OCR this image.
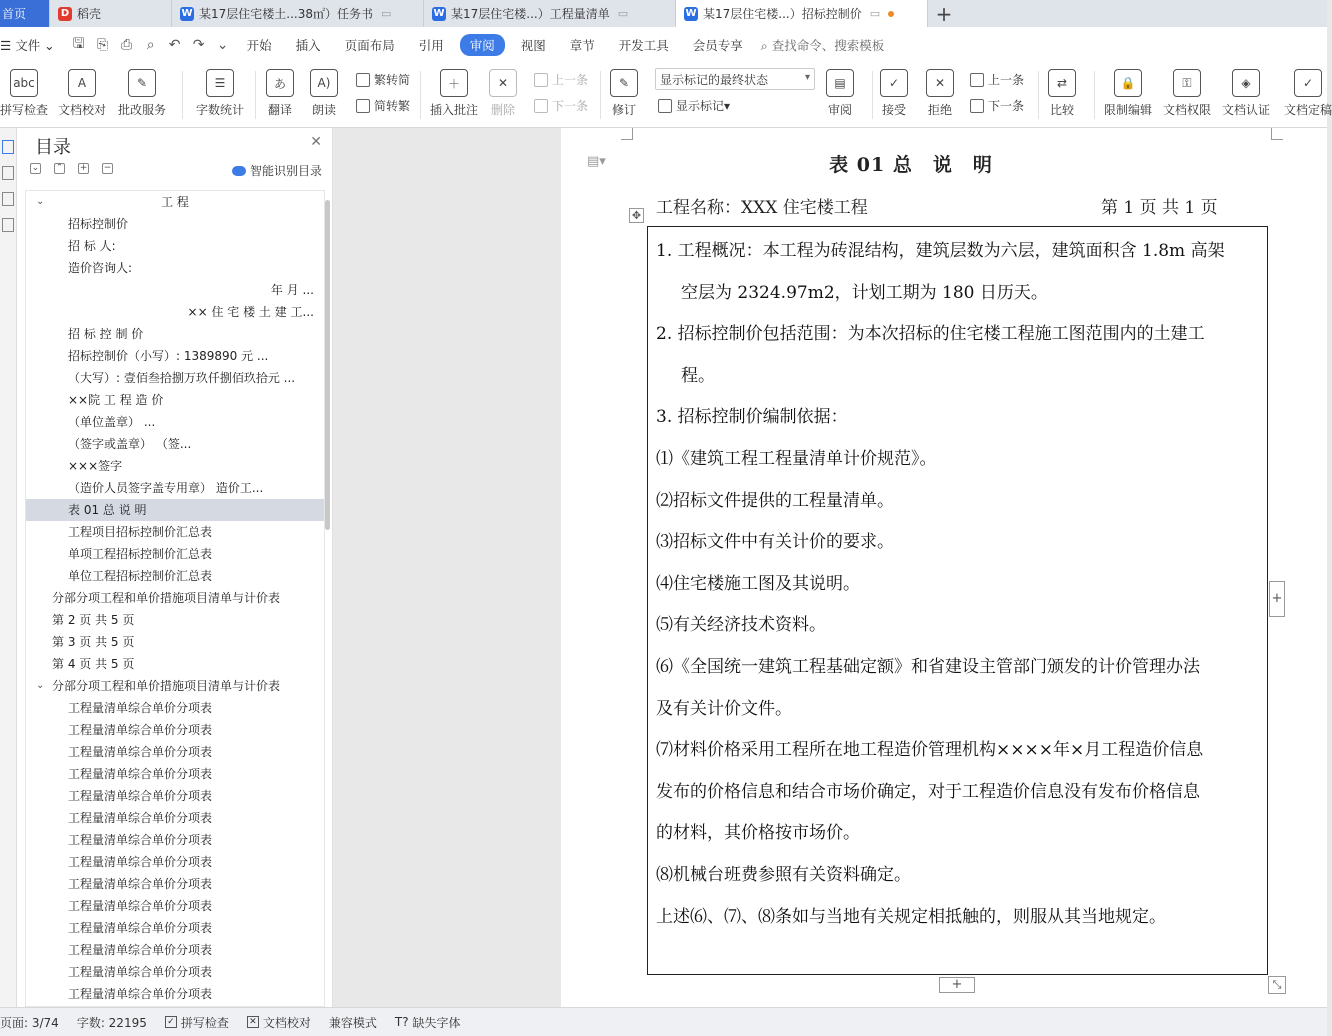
首页	D 稻壳	W 某17层住宅楼土...38㎡）任务书 ▭	W 某17层住宅楼...）工程量清单 ▭	W 某17层住宅楼...）招标控制价 ▭	+
☰ 文件 ⌄	🖫 ⎘ ⎙	⌕	↶ ↷ ⌄	开始	插入	页面布局	引用	审阅	视图	章节	开发工具	会员专享	⌕ 查找命令、搜索模板
abc
拼写检查
A
文档校对
✎
批改服务
☰
字数统计
あ
翻译
A)
朗读
繁转简
简转繁
＋
插入批注
✕
删除
上一条
下一条
✎
修订
显示标记的最终状态 ▾
显示标记 ▾
▤
审阅
✓
接受
✕
拒绝
上一条
下一条
⇄
比较
🔒
限制编辑
⚿
文档权限
◈
文档认证
✓
文档定稿
目录	✕
⌄ ⌃ + −	智能识别目录
⌄	工 程
招标控制价
招 标 人:
造价咨询人:
年 月 ...
×× 住 宅 楼 土 建 工...
招 标 控 制 价
招标控制价（小写）: 1389890 元 ...
（大写）: 壹佰叁拾捌万玖仟捌佰玖拾元 ...
××院 工 程 造 价
（单位盖章） ...
（签字或盖章） （签...
×××签字
（造价人员签字盖专用章） 造价工...
表 01 总 说 明
工程项目招标控制价汇总表
单项工程招标控制价汇总表
单位工程招标控制价汇总表
分部分项工程和单价措施项目清单与计价表
第 2 页 共 5 页
第 3 页 共 5 页
第 4 页 共 5 页
⌄ 分部分项工程和单价措施项目清单与计价表
工程量清单综合单价分项表
工程量清单综合单价分项表
工程量清单综合单价分项表
工程量清单综合单价分项表
工程量清单综合单价分项表
工程量清单综合单价分项表
工程量清单综合单价分项表
工程量清单综合单价分项表
工程量清单综合单价分项表
工程量清单综合单价分项表
工程量清单综合单价分项表
工程量清单综合单价分项表
工程量清单综合单价分项表
工程量清单综合单价分项表
▤▾	表 01 总　说　明
工程名称：XXX 住宅楼工程	第 1 页 共 1 页
✥
1. 工程概况：本工程为砖混结构，建筑层数为六层，建筑面积含 1.8m 高架
空层为 2324.97m2，计划工期为 180 日历天。
2. 招标控制价包括范围：为本次招标的住宅楼工程施工图范围内的土建工
程。
3. 招标控制价编制依据：
⑴《建筑工程工程量清单计价规范》。
⑵招标文件提供的工程量清单。
⑶招标文件中有关计价的要求。
⑷住宅楼施工图及其说明。
⑸有关经济技术资料。
⑹《全国统一建筑工程基础定额》和省建设主管部门颁发的计价管理办法
及有关计价文件。
⑺材料价格采用工程所在地工程造价管理机构××××年×月工程造价信息
发布的价格信息和结合市场价确定，对于工程造价信息没有发布价格信息
的材料，其价格按市场价。
⑻机械台班费参照有关资料确定。
上述⑹、⑺、⑻条如与当地有关规定相抵触的，则服从其当地规定。
+
+
⤡
页面: 3/74 字数: 22195 ✓ 拼写检查 ✕ 文档校对 兼容模式 T?
缺失字体
